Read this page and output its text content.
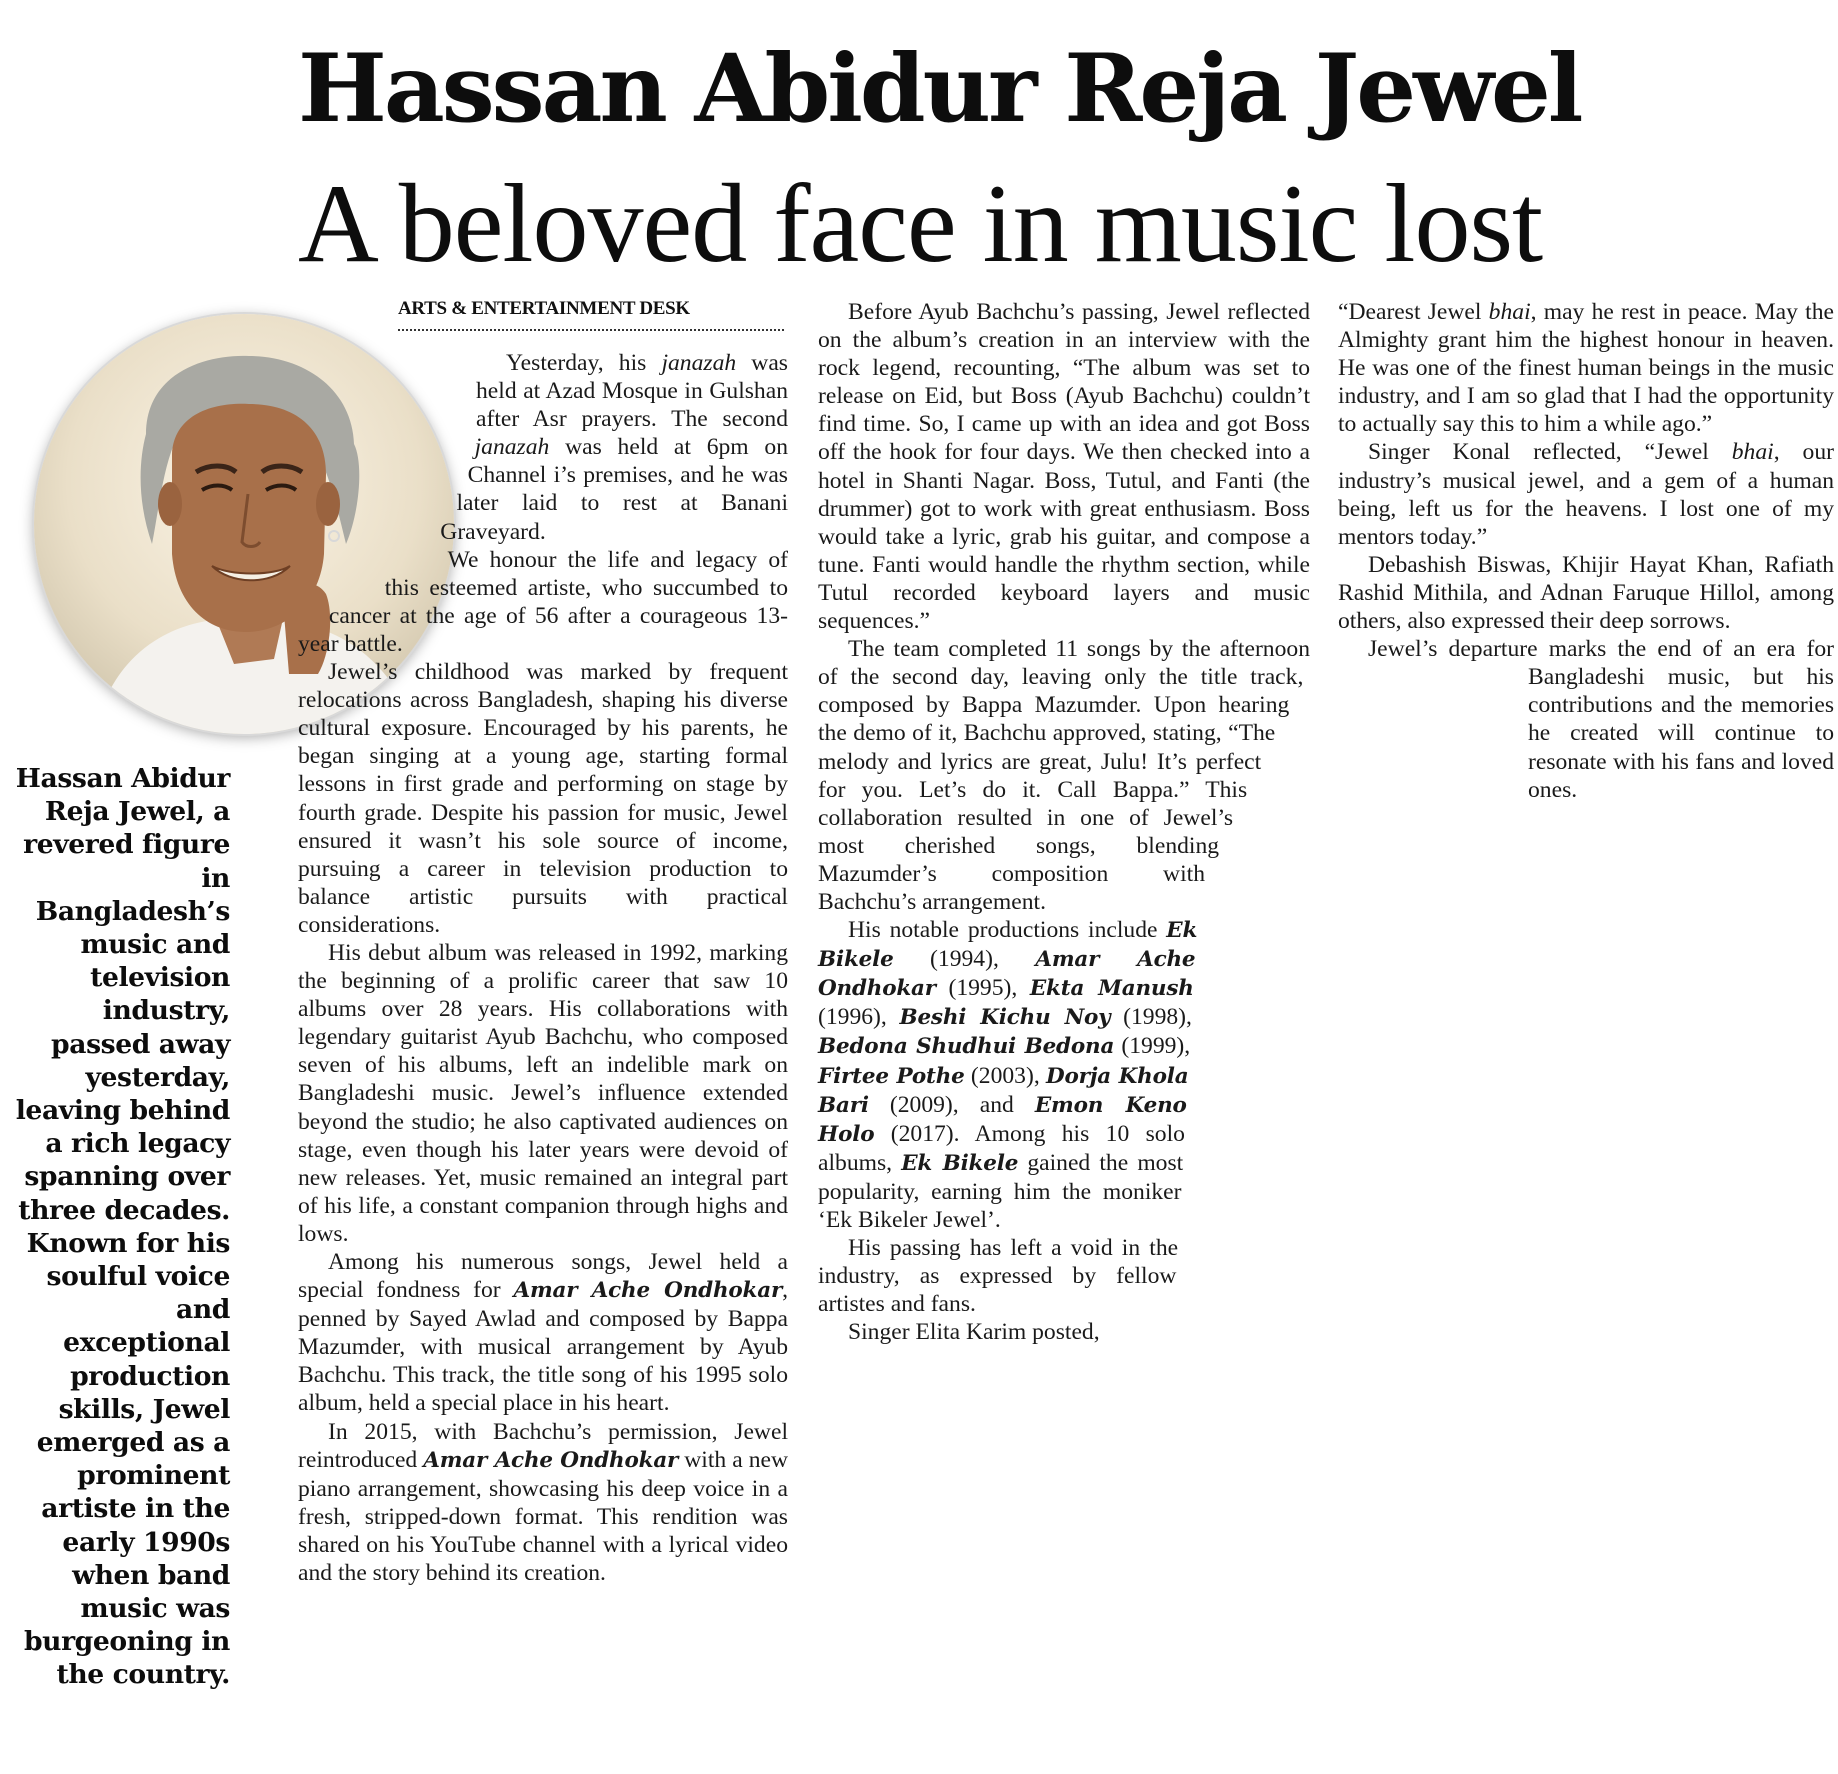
Hassan Abidur Reja Jewel
A beloved face in music lost
ARTS & ENTERTAINMENT DESK

Hassan Abidur Reja Jewel, a revered figure in Bangladesh’s music and television industry, passed away yesterday, leaving behind a rich legacy spanning over three decades. Known for his soulful voice and exceptional production skills, Jewel emerged as a prominent artiste in the early 1990s when band music was burgeoning in the country.

Yesterday, his janazah was held at Azad Mosque in Gulshan after Asr prayers. The second janazah was held at 6pm on Channel i’s premises, and he was later laid to rest at Banani Graveyard.

We honour the life and legacy of this esteemed artiste, who succumbed to cancer at the age of 56 after a courageous 13-year battle.

Jewel’s childhood was marked by frequent relocations across Bangladesh, shaping his diverse cultural exposure. Encouraged by his parents, he began singing at a young age, starting formal lessons in first grade and performing on stage by fourth grade. Despite his passion for music, Jewel ensured it wasn’t his sole source of income, pursuing a career in television production to balance artistic pursuits with practical considerations.

His debut album was released in 1992, marking the beginning of a prolific career that saw 10 albums over 28 years. His collaborations with legendary guitarist Ayub Bachchu, who composed seven of his albums, left an indelible mark on Bangladeshi music. Jewel’s influence extended beyond the studio; he also captivated audiences on stage, even though his later years were devoid of new releases. Yet, music remained an integral part of his life, a constant companion through highs and lows.

Among his numerous songs, Jewel held a special fondness for Amar Ache Ondhokar, penned by Sayed Awlad and composed by Bappa Mazumder, with musical arrangement by Ayub Bachchu. This track, the title song of his 1995 solo album, held a special place in his heart.

In 2015, with Bachchu’s permission, Jewel reintroduced Amar Ache Ondhokar with a new piano arrangement, showcasing his deep voice in a fresh, stripped-down format. This rendition was shared on his YouTube channel with a lyrical video and the story behind its creation.

Before Ayub Bachchu’s passing, Jewel reflected on the album’s creation in an interview with the rock legend, recounting, “The album was set to release on Eid, but Boss (Ayub Bachchu) couldn’t find time. So, I came up with an idea and got Boss off the hook for four days. We then checked into a hotel in Shanti Nagar. Boss, Tutul, and Fanti (the drummer) got to work with great enthusiasm. Boss would take a lyric, grab his guitar, and compose a tune. Fanti would handle the rhythm section, while Tutul recorded keyboard layers and music sequences.”

The team completed 11 songs by the afternoon of the second day, leaving only the title track, composed by Bappa Mazumder. Upon hearing the demo of it, Bachchu approved, stating, “The melody and lyrics are great, Julu! It’s perfect for you. Let’s do it. Call Bappa.” This collaboration resulted in one of Jewel’s most cherished songs, blending Mazumder’s composition with Bachchu’s arrangement.

His notable productions include Ek Bikele (1994), Amar Ache Ondhokar (1995), Ekta Manush (1996), Beshi Kichu Noy (1998), Bedona Shudhui Bedona (1999), Firtee Pothe (2003), Dorja Khola Bari (2009), and Emon Keno Holo (2017). Among his 10 solo albums, Ek Bikele gained the most popularity, earning him the moniker ‘Ek Bikeler Jewel’.

His passing has left a void in the industry, as expressed by fellow artistes and fans.

Singer Elita Karim posted,

“Dearest Jewel bhai, may he rest in peace. May the Almighty grant him the highest honour in heaven. He was one of the finest human beings in the music industry, and I am so glad that I had the opportunity to actually say this to him a while ago.”

Singer Konal reflected, “Jewel bhai, our industry’s musical jewel, and a gem of a human being, left us for the heavens. I lost one of my mentors today.”

Debashish Biswas, Khijir Hayat Khan, Rafiath Rashid Mithila, and Adnan Faruque Hillol, among others, also expressed their deep sorrows.

Jewel’s departure marks the end of an era for Bangladeshi music, but his contributions and the memories he created will continue to resonate with his fans and loved ones.
